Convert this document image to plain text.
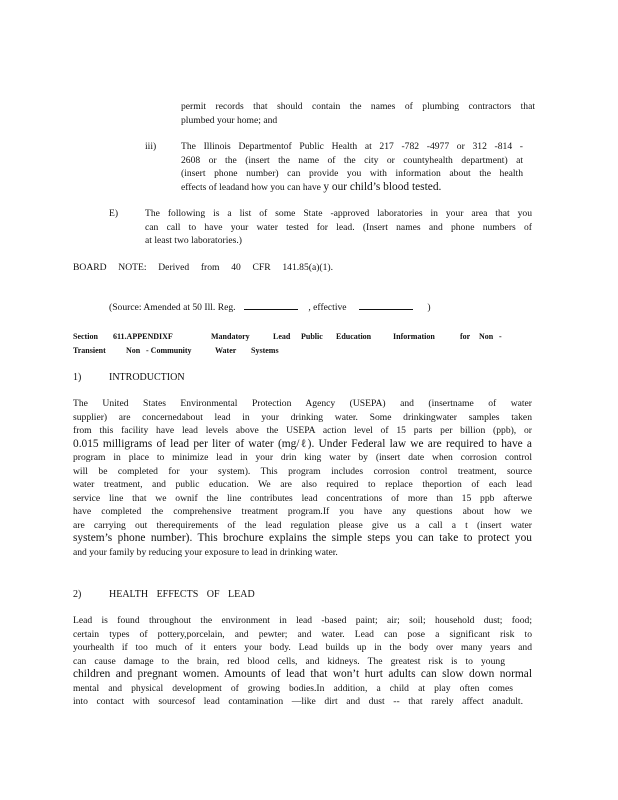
permit records that should contain the names of plumbing contractors that
plumbed your home; and
iii)	The Illinois Departmentof Public Health at 217 -782 -4977 or 312 -814 -
2608 or the (insert the name of the city or countyhealth department) at
(insert phone number) can provide you with information about the health
effects of leadand how you can have y our child’s blood tested.
E)	The following is a list of some State -approved laboratories in your area that you
can call to have your water tested for lead. (Insert names and phone numbers of
at least two laboratories.)
BOARD NOTE: Derived from 40 CFR 141.85(a)(1).
(Source: Amended at 50 Ill. Reg.	, effective	)
Section 611.APPENDIXF	Mandatory	Lead Public Education	Information	for Non -
Transient	Non - Community	Water Systems
1)	INTRODUCTION
The United States Environmental Protection Agency (USEPA) and (insertname of water
supplier) are concernedabout lead in your drinking water. Some drinkingwater samples taken
from this facility have lead levels above the USEPA action level of 15 parts per billion (ppb), or
0.015 milligrams of lead per liter of water (mg/ℓ). Under Federal law we are required to have a
program in place to minimize lead in your drin king water by (insert date when corrosion control
will be completed for your system). This program includes corrosion control treatment, source
water treatment, and public education. We are also required to replace theportion of each lead
service line that we ownif the line contributes lead concentrations of more than 15 ppb afterwe
have completed the comprehensive treatment program.If you have any questions about how we
are carrying out therequirements of the lead regulation please give us a call a t (insert water
system’s phone number). This brochure explains the simple steps you can take to protect you
and your family by reducing your exposure to lead in drinking water.
2)	HEALTH EFFECTS OF LEAD
Lead is found throughout the environment in lead -based paint; air; soil; household dust; food;
certain types of pottery,porcelain, and pewter; and water. Lead can pose a significant risk to
yourhealth if too much of it enters your body. Lead builds up in the body over many years and
can cause damage to the brain, red blood cells, and kidneys. The greatest risk is to young
children and pregnant women. Amounts of lead that won’t hurt adults can slow down normal
mental and physical development of growing bodies.In addition, a child at play often comes
into contact with sourcesof lead contamination —like dirt and dust -- that rarely affect anadult.
